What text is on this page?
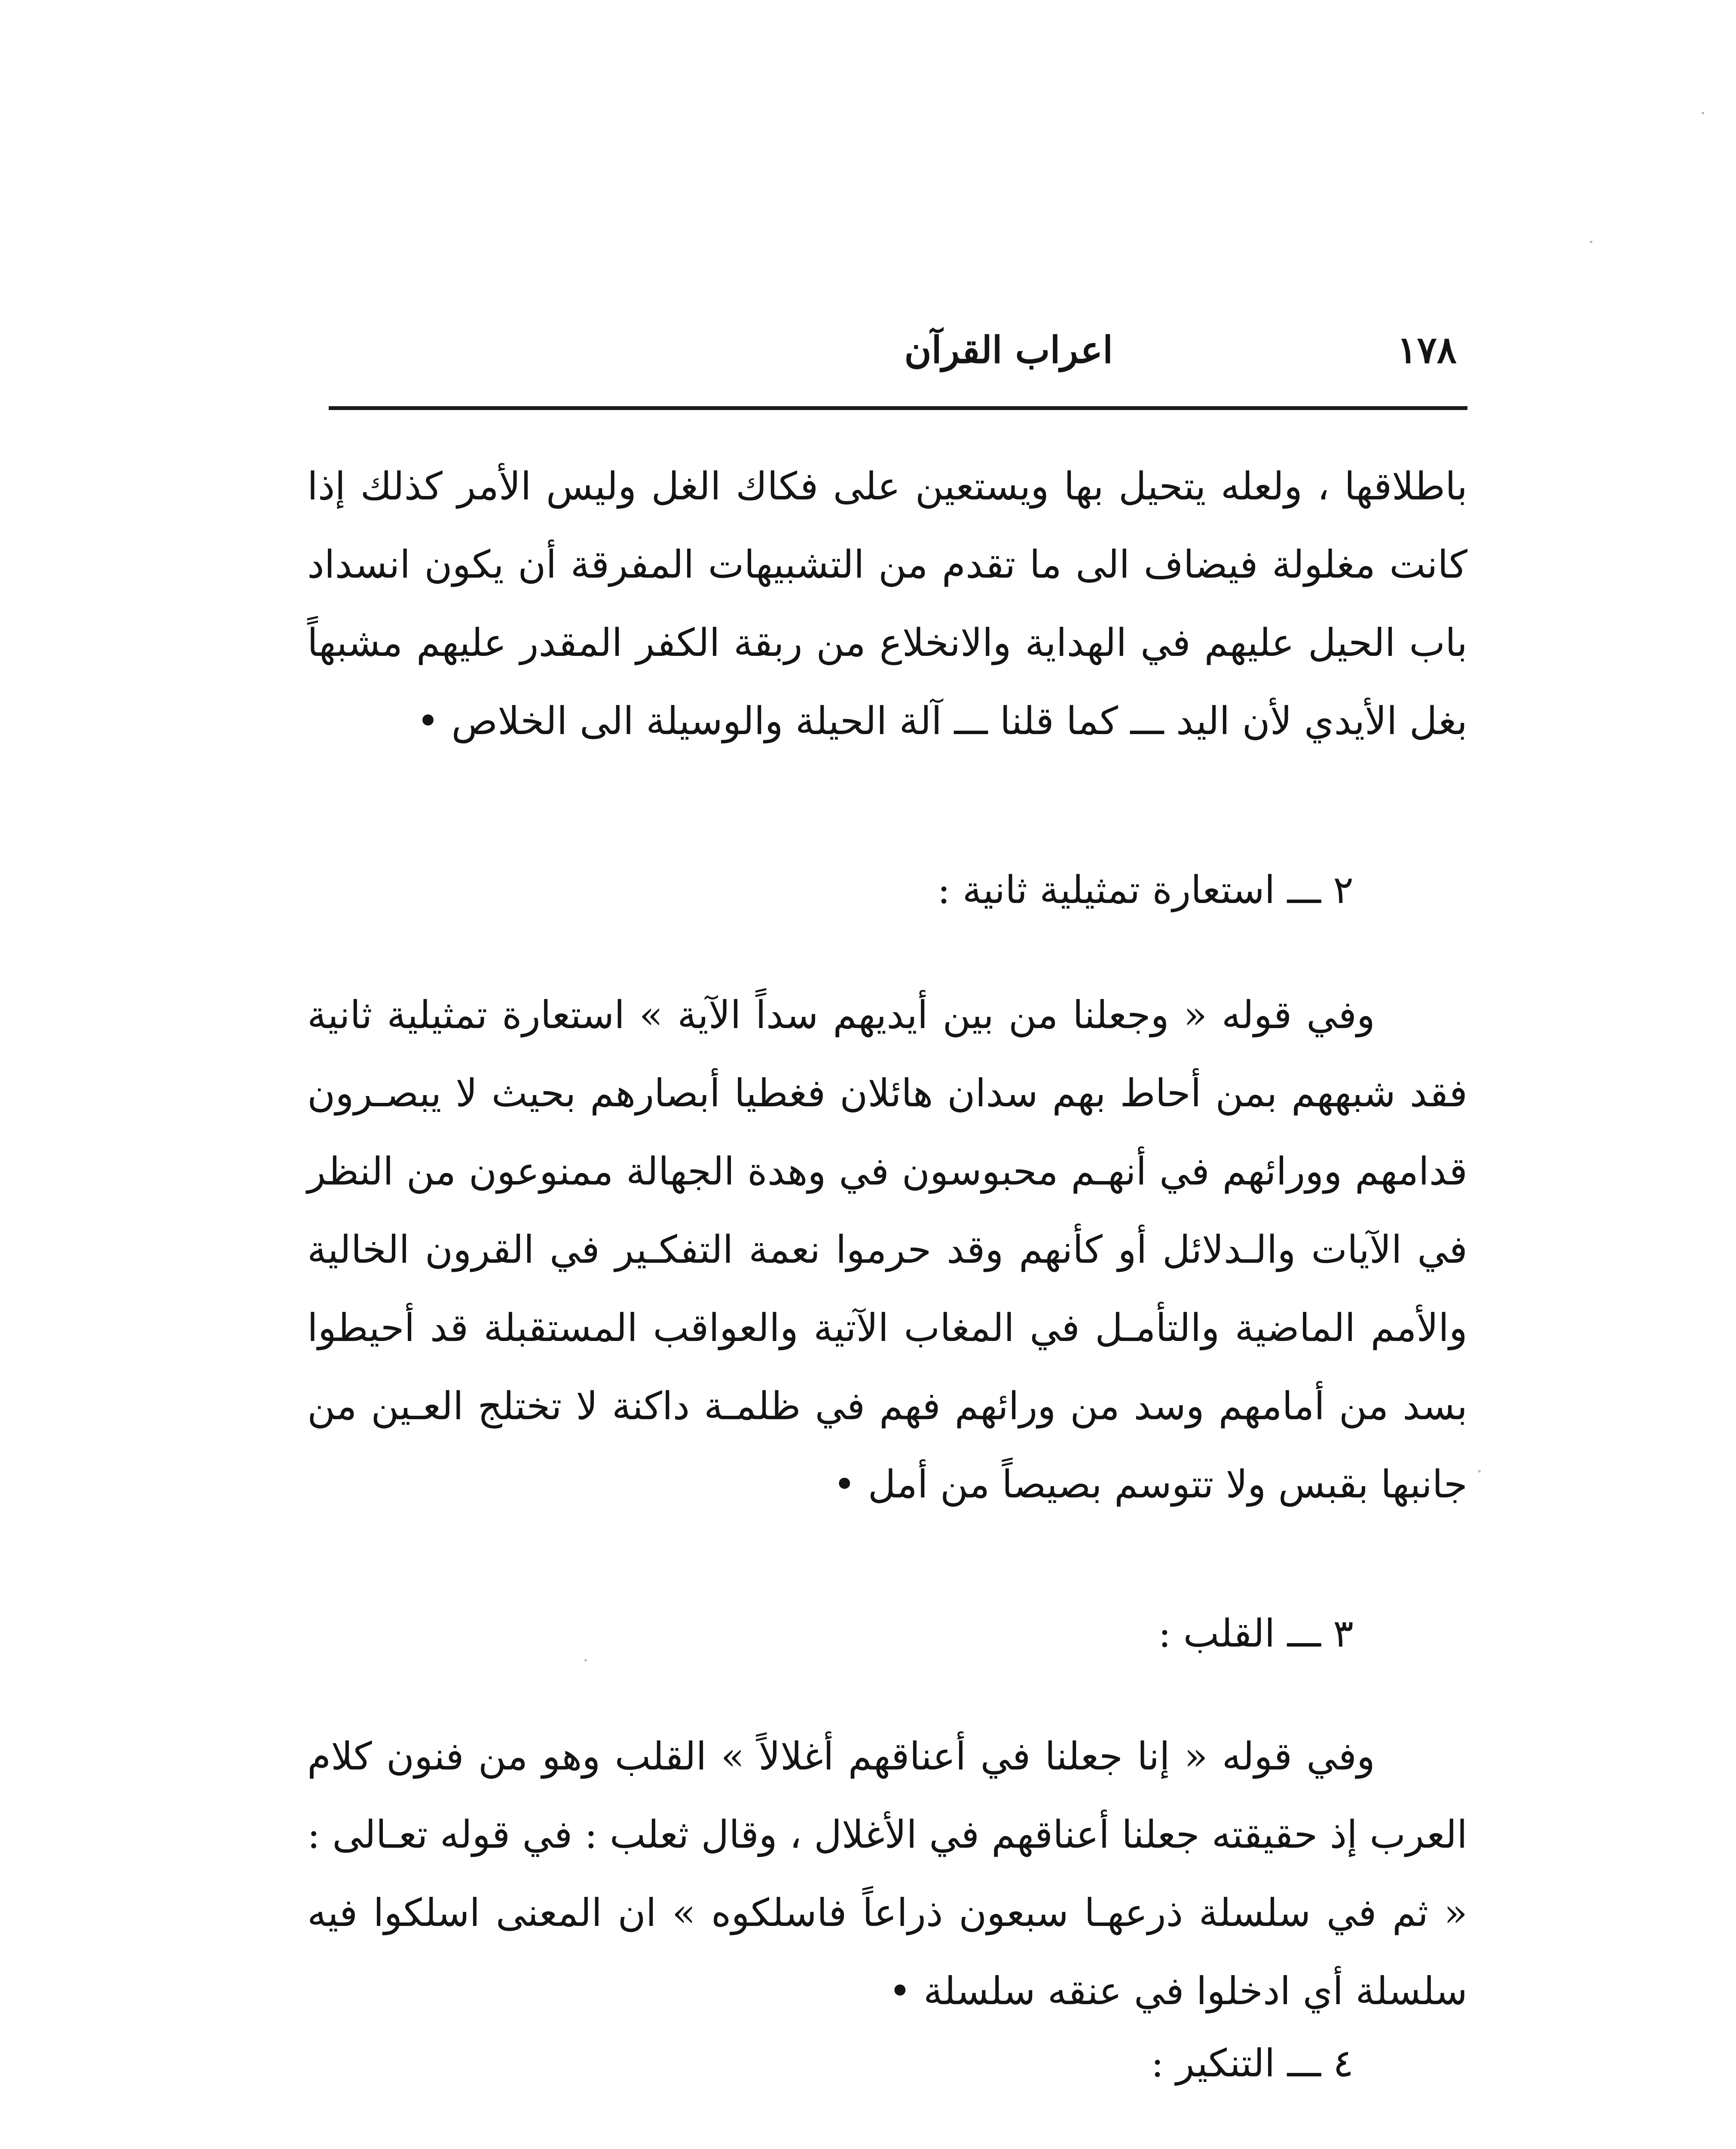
١٧٨
اعراب القرآن

باطلاقها ، ولعله يتحيل بها ويستعين على فكاك الغل وليس الأمر كذلك إذا كانت مغلولة فيضاف الى ما تقدم من التشبيهات المفرقة أن يكون انسداد باب الحيل عليهم في الهداية والانخلاع من ربقة الكفر المقدر عليهم مشبهاً بغل الأيدي لأن اليد ـــ كما قلنا ـــ آلة الحيلة والوسيلة الى الخلاص •

٢ ـــ استعارة تمثيلية ثانية :

وفي قوله « وجعلنا من بين أيديهم سداً الآية » استعارة تمثيلية ثانية فقد شبههم بمن أحاط بهم سدان هائلان فغطيا أبصارهم بحيث لا يبصـرون قدامهم وورائهم في أنهـم محبوسون في وهدة الجهالة ممنوعون من النظر في الآيات والـدلائل أو كأنهم وقد حرموا نعمة التفكـير في القرون الخالية والأمم الماضية والتأمـل في المغاب الآتية والعواقب المستقبلة قد أحيطوا بسد من أمامهم وسد من ورائهم فهم في ظلمـة داكنة لا تختلج العـين من جانبها بقبس ولا تتوسم بصيصاً من أمل •

٣ ـــ القلب :

وفي قوله « إنا جعلنا في أعناقهم أغلالاً » القلب وهو من فنون كلام العرب إذ حقيقته جعلنا أعناقهم في الأغلال ، وقال ثعلب : في قوله تعـالى : « ثم في سلسلة ذرعهـا سبعون ذراعاً فاسلكوه » ان المعنى اسلكوا فيه سلسلة أي ادخلوا في عنقه سلسلة •

٤ ـــ التنكير :
